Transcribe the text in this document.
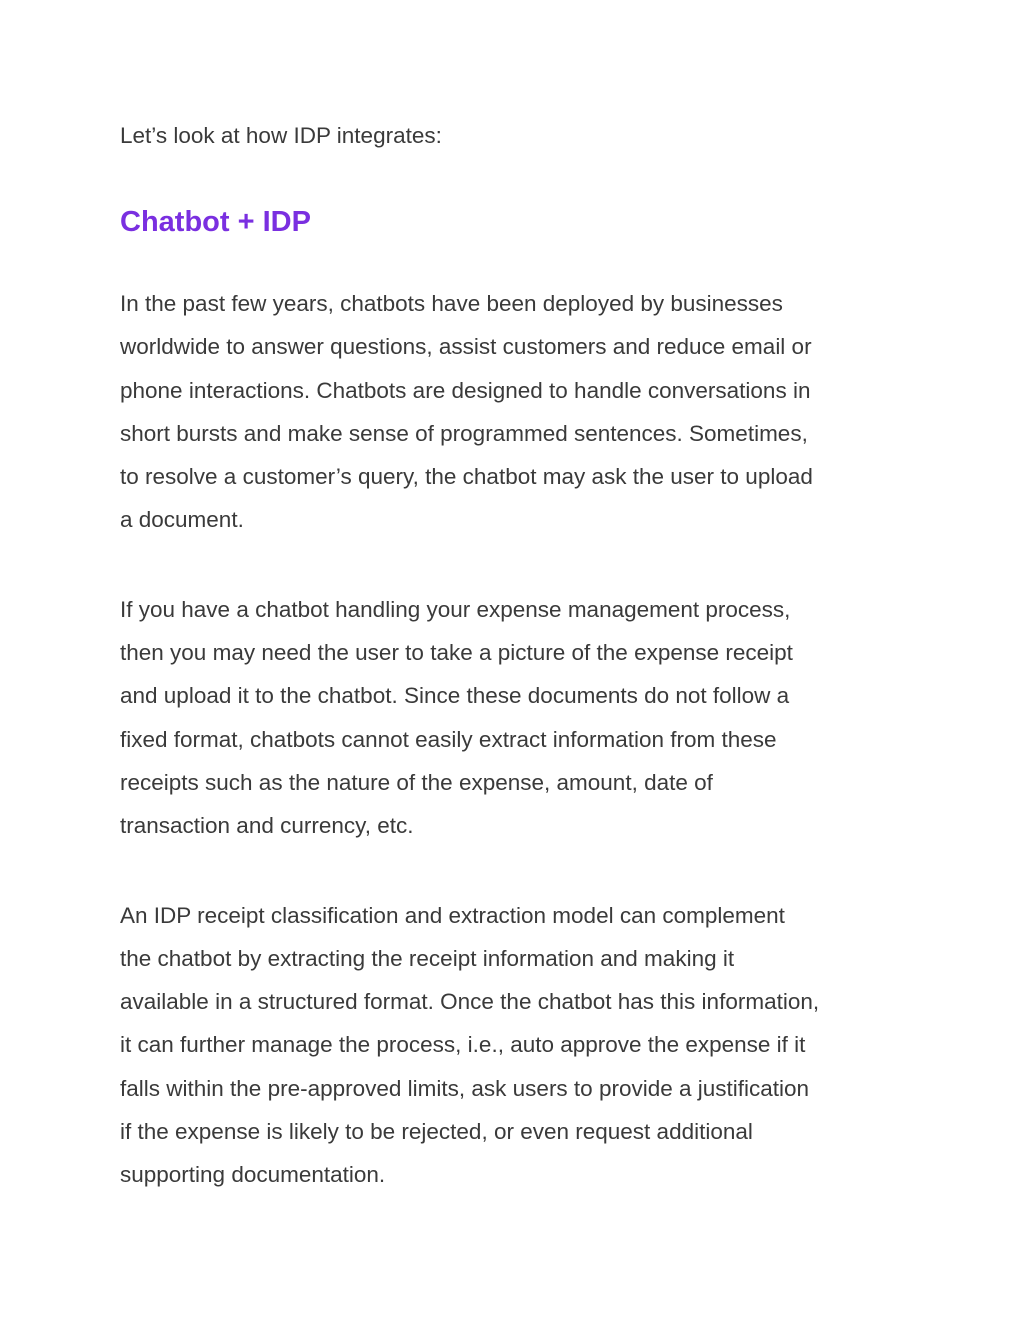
Let’s look at how IDP integrates:

Chatbot + IDP

In the past few years, chatbots have been deployed by businesses
worldwide to answer questions, assist customers and reduce email or
phone interactions. Chatbots are designed to handle conversations in
short bursts and make sense of programmed sentences. Sometimes,
to resolve a customer’s query, the chatbot may ask the user to upload
a document.

If you have a chatbot handling your expense management process,
then you may need the user to take a picture of the expense receipt
and upload it to the chatbot. Since these documents do not follow a
fixed format, chatbots cannot easily extract information from these
receipts such as the nature of the expense, amount, date of
transaction and currency, etc.

An IDP receipt classification and extraction model can complement
the chatbot by extracting the receipt information and making it
available in a structured format. Once the chatbot has this information,
it can further manage the process, i.e., auto approve the expense if it
falls within the pre-approved limits, ask users to provide a justification
if the expense is likely to be rejected, or even request additional
supporting documentation.
